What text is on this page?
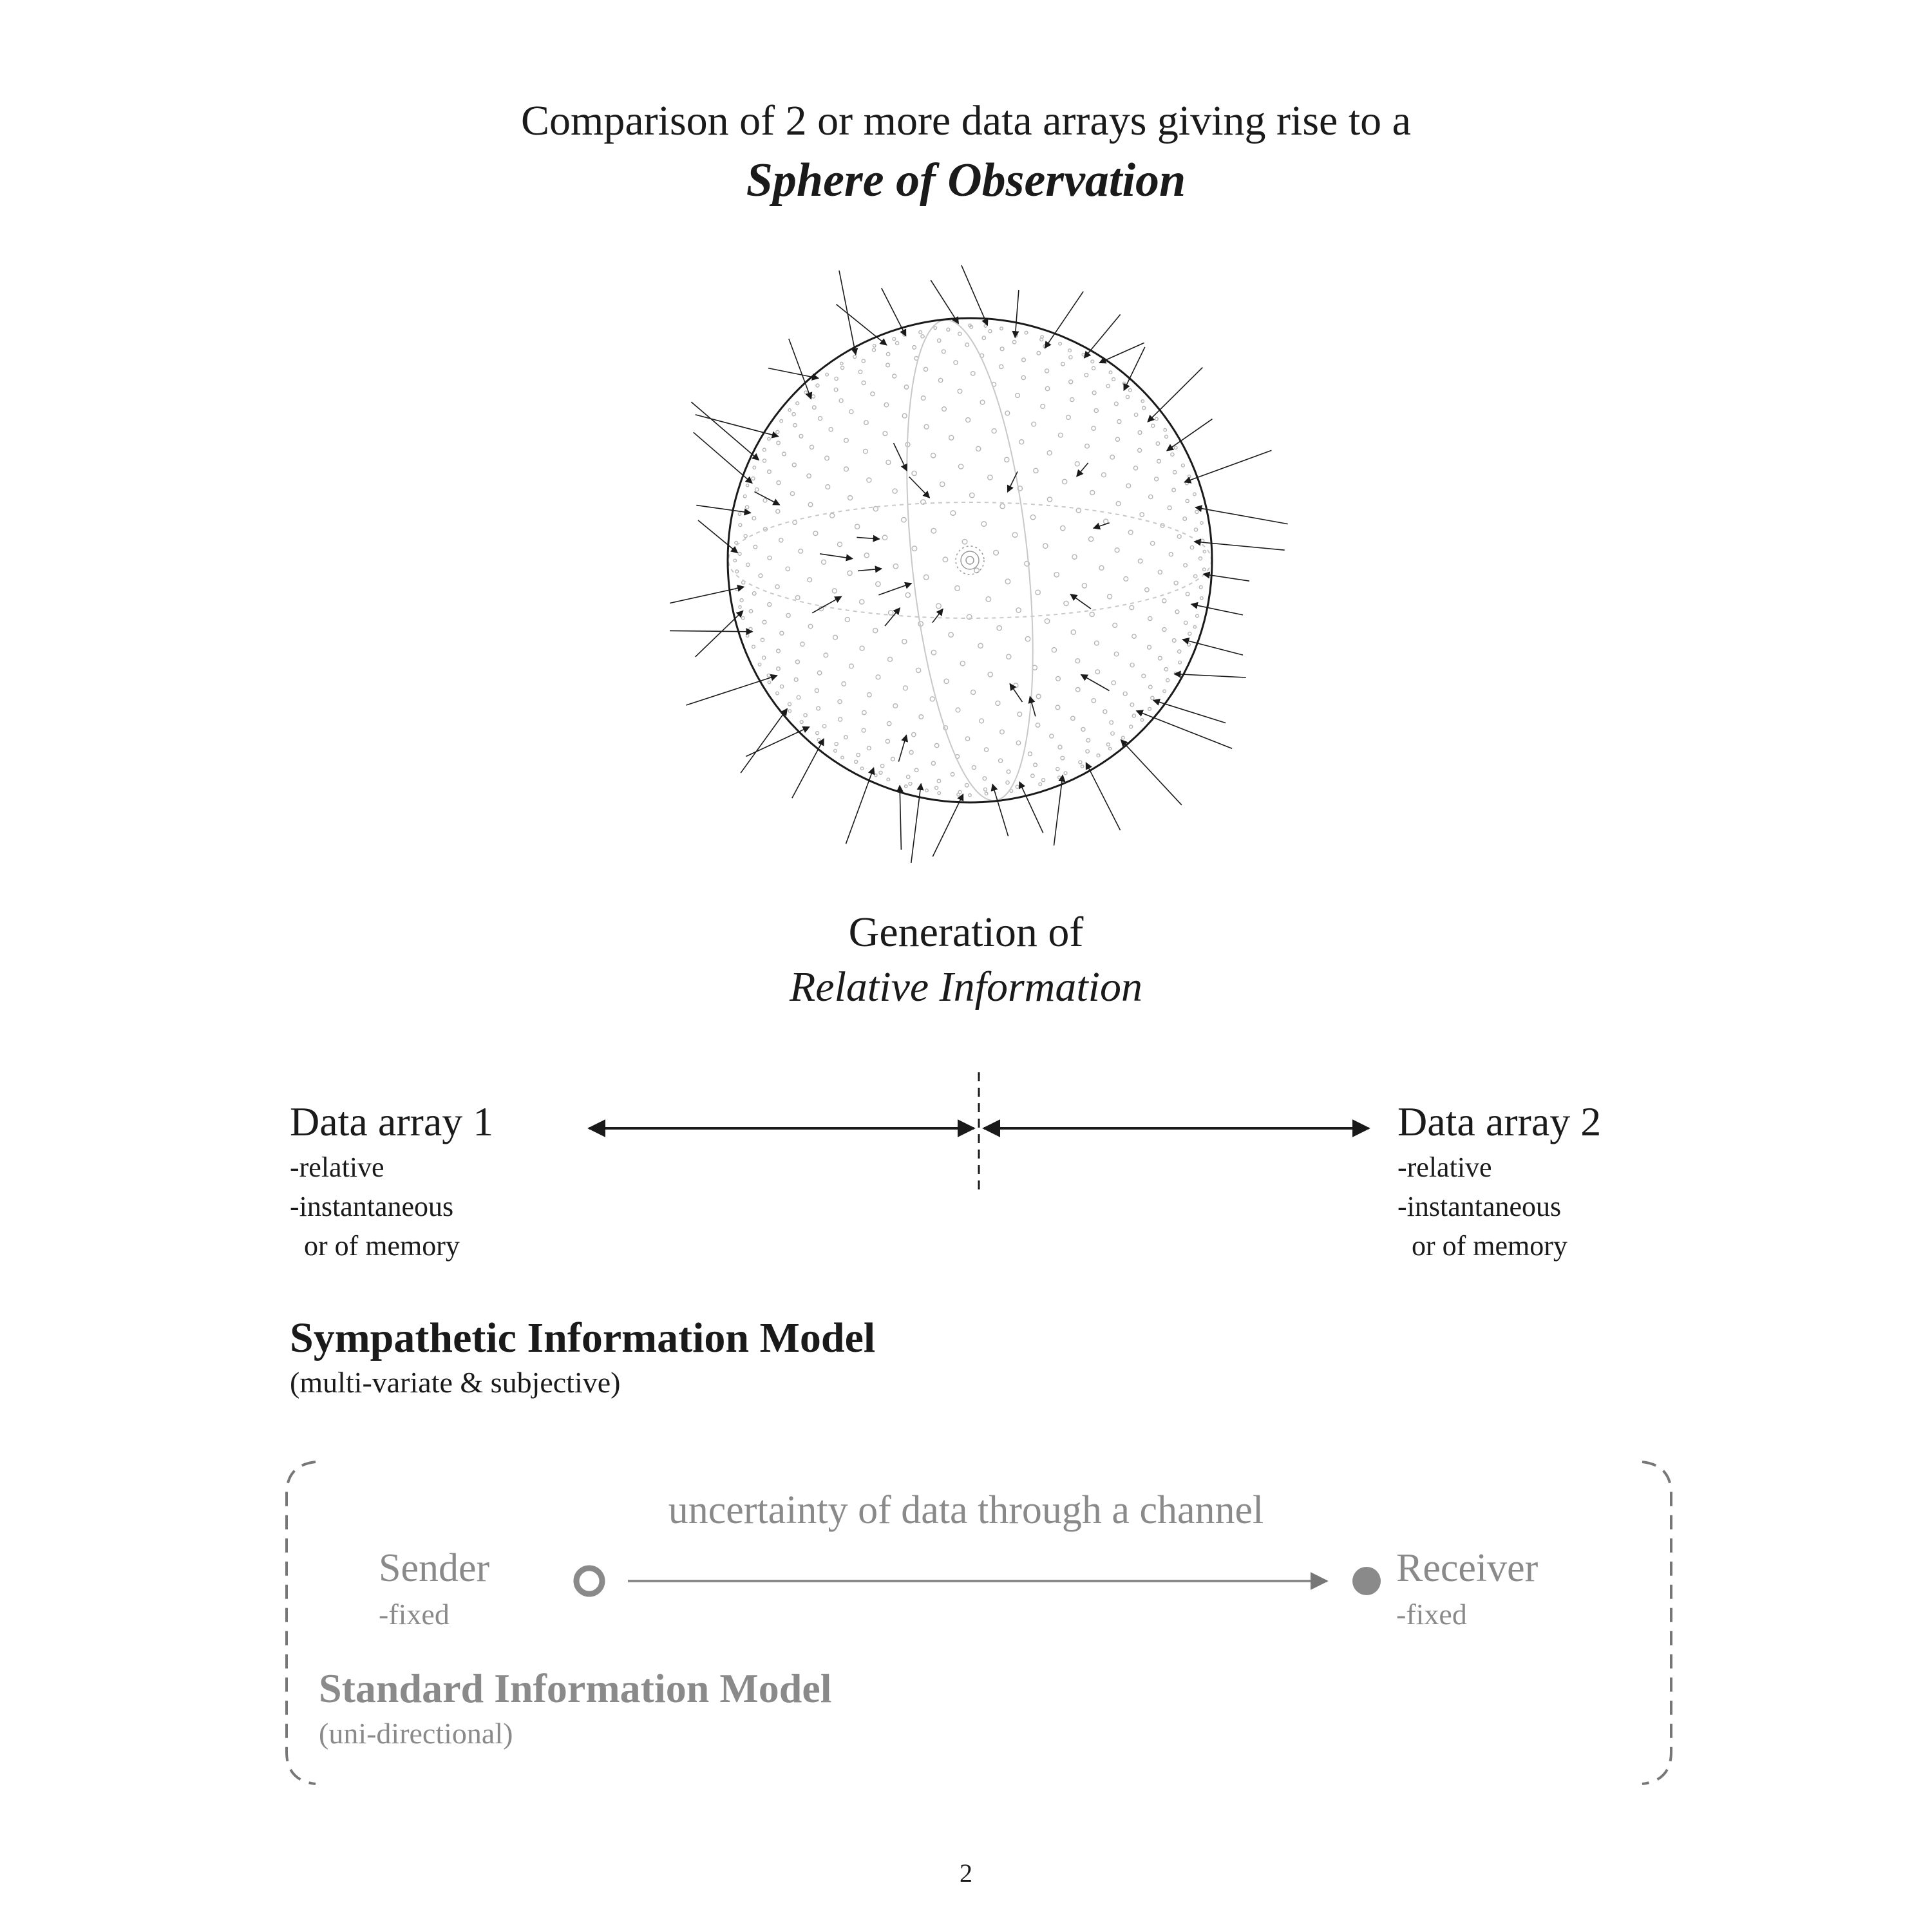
Comparison of 2 or more data arrays giving rise to a
Sphere of Observation
Generation of
Relative Information
Data array 1
-relative
-instantaneous
or of memory
Data array 2
-relative
-instantaneous
or of memory
Sympathetic Information Model
(multi-variate & subjective)
uncertainty of data through a channel
Sender
-fixed
Receiver
-fixed
Standard Information Model
(uni-directional)
2
